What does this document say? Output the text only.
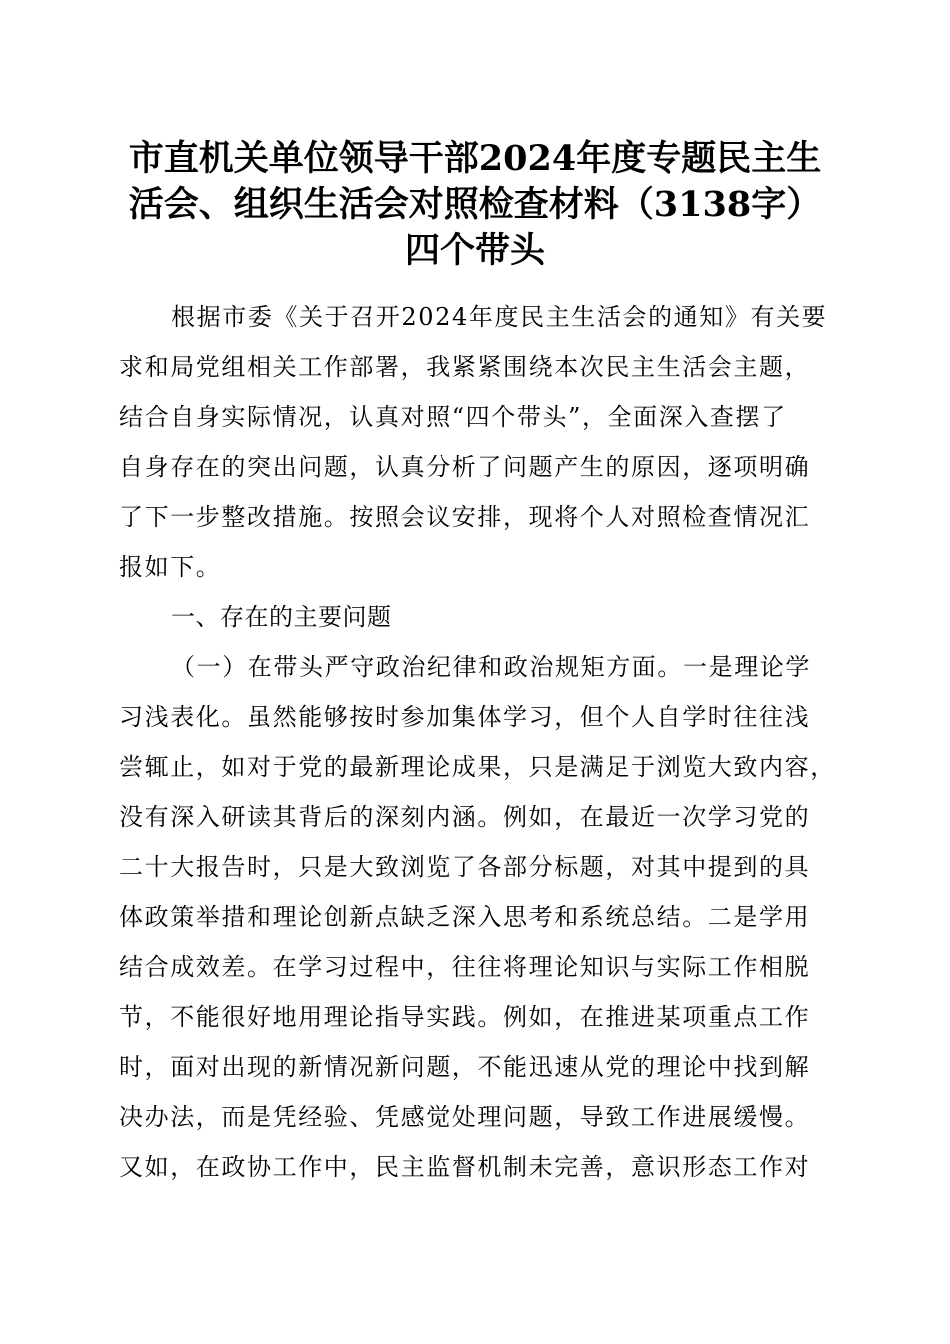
市直机关单位领导干部2024年度专题民主生
活会、组织生活会对照检查材料（3138字）
四个带头
根据市委《关于召开2024年度民主生活会的通知》有关要
求和局党组相关工作部署，我紧紧围绕本次民主生活会主题，
结合自身实际情况，认真对照“四个带头”，全面深入查摆了
自身存在的突出问题，认真分析了问题产生的原因，逐项明确
了下一步整改措施。按照会议安排，现将个人对照检查情况汇
报如下。
一、存在的主要问题
（一）在带头严守政治纪律和政治规矩方面。一是理论学
习浅表化。虽然能够按时参加集体学习，但个人自学时往往浅
尝辄止，如对于党的最新理论成果，只是满足于浏览大致内容，
没有深入研读其背后的深刻内涵。例如，在最近一次学习党的
二十大报告时，只是大致浏览了各部分标题，对其中提到的具
体政策举措和理论创新点缺乏深入思考和系统总结。二是学用
结合成效差。在学习过程中，往往将理论知识与实际工作相脱
节，不能很好地用理论指导实践。例如，在推进某项重点工作
时，面对出现的新情况新问题，不能迅速从党的理论中找到解
决办法，而是凭经验、凭感觉处理问题，导致工作进展缓慢。
又如，在政协工作中，民主监督机制未完善，意识形态工作对
